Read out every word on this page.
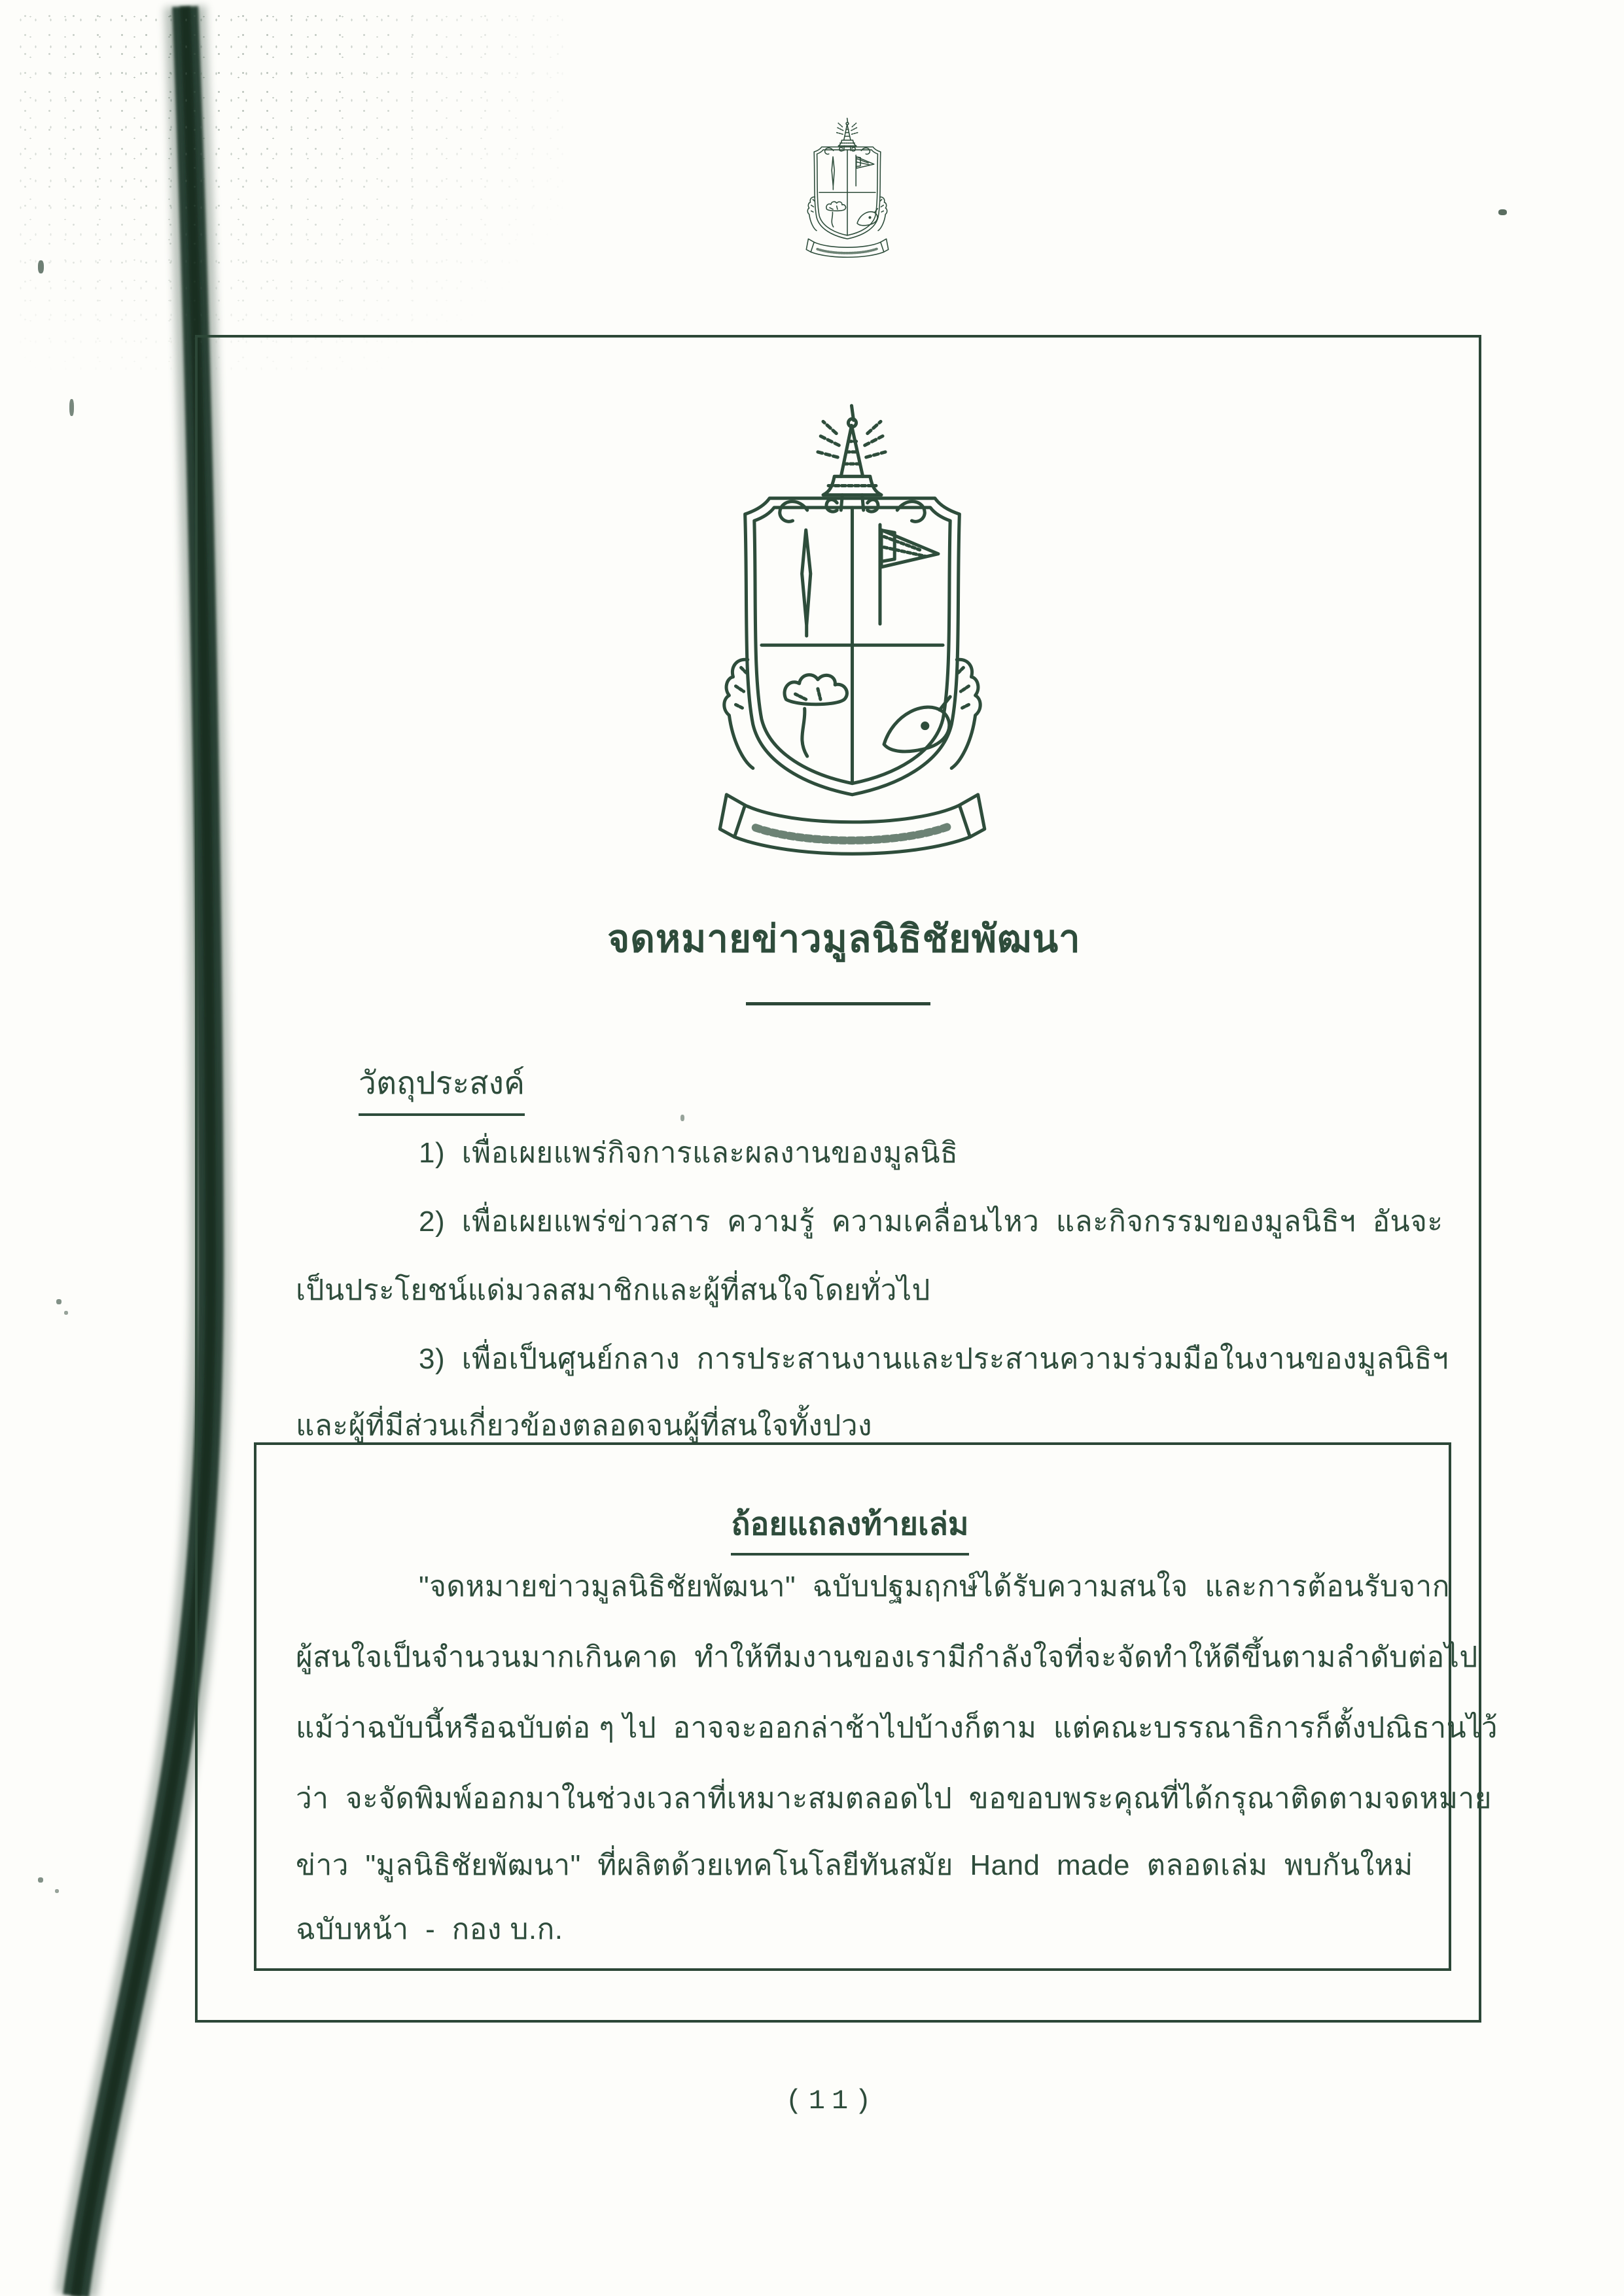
จดหมายข่าวมูลนิธิชัยพัฒนา
วัตถุประสงค์
1)  เพื่อเผยแพร่กิจการและผลงานของมูลนิธิ
2)  เพื่อเผยแพร่ข่าวสาร  ความรู้  ความเคลื่อนไหว  และกิจกรรมของมูลนิธิฯ  อันจะ
เป็นประโยชน์แด่มวลสมาชิกและผู้ที่สนใจโดยทั่วไป
3)  เพื่อเป็นศูนย์กลาง  การประสานงานและประสานความร่วมมือในงานของมูลนิธิฯ
และผู้ที่มีส่วนเกี่ยวข้องตลอดจนผู้ที่สนใจทั้งปวง
ถ้อยแถลงท้ายเล่ม
"จดหมายข่าวมูลนิธิชัยพัฒนา"  ฉบับปฐมฤกษ์ได้รับความสนใจ  และการต้อนรับจาก
ผู้สนใจเป็นจำนวนมากเกินคาด  ทำให้ทีมงานของเรามีกำลังใจที่จะจัดทำให้ดีขึ้นตามลำดับต่อไป
แม้ว่าฉบับนี้หรือฉบับต่อ ๆ ไป  อาจจะออกล่าช้าไปบ้างก็ตาม  แต่คณะบรรณาธิการก็ตั้งปณิธานไว้
ว่า  จะจัดพิมพ์ออกมาในช่วงเวลาที่เหมาะสมตลอดไป  ขอขอบพระคุณที่ได้กรุณาติดตามจดหมาย
ข่าว  "มูลนิธิชัยพัฒนา"  ที่ผลิตด้วยเทคโนโลยีทันสมัย  Hand  made  ตลอดเล่ม  พบกันใหม่
ฉบับหน้า  -  กอง บ.ก.
(11)
